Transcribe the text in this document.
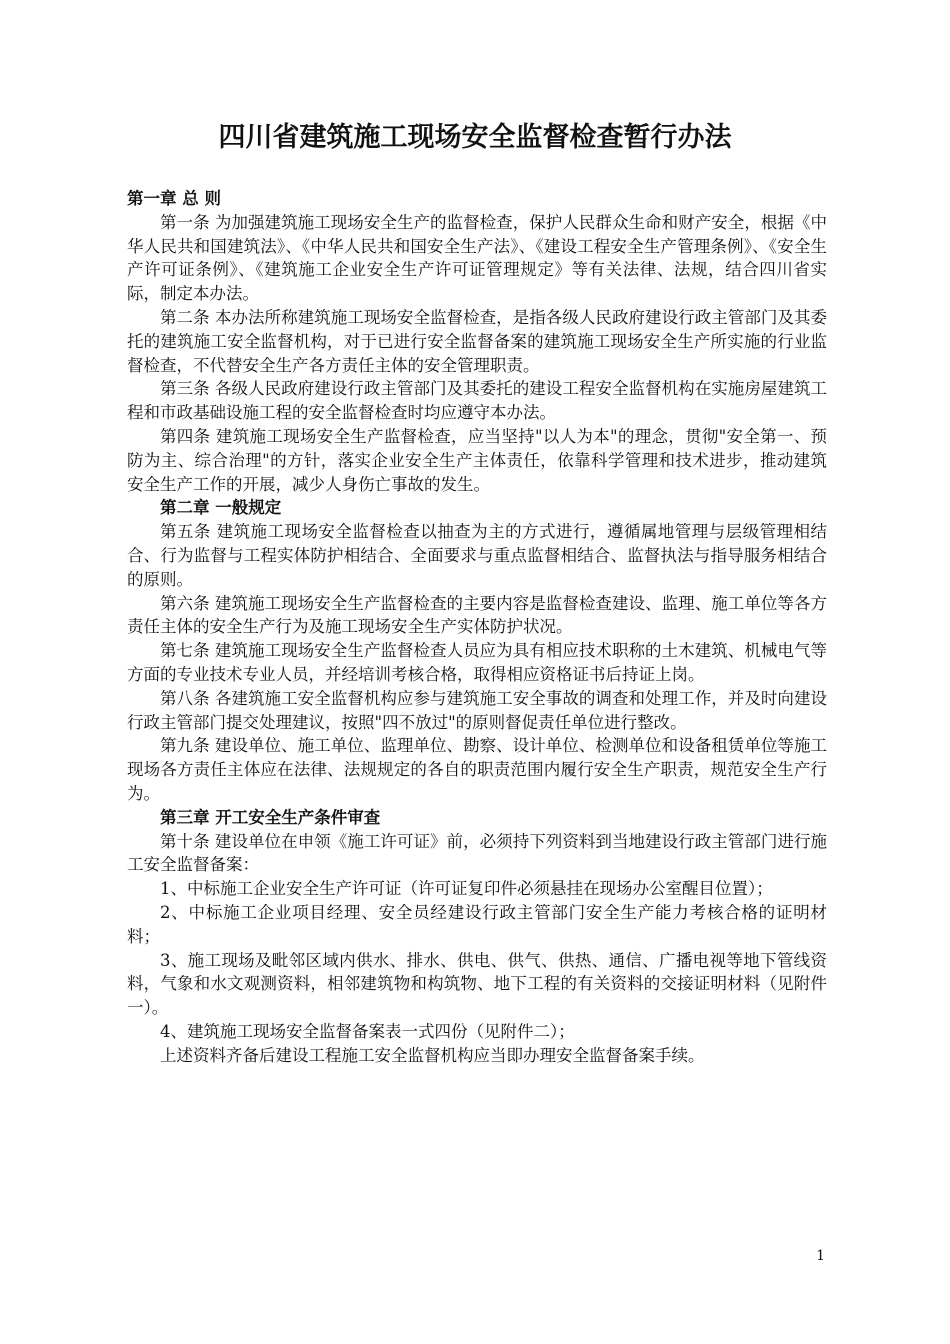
四川省建筑施工现场安全监督检查暂行办法

第一章 总 则

第一条 为加强建筑施工现场安全生产的监督检查，保护人民群众生命和财产安全，根据《中华人民共和国建筑法》、《中华人民共和国安全生产法》、《建设工程安全生产管理条例》、《安全生产许可证条例》、《建筑施工企业安全生产许可证管理规定》等有关法律、法规，结合四川省实际，制定本办法。

第二条 本办法所称建筑施工现场安全监督检查，是指各级人民政府建设行政主管部门及其委托的建筑施工安全监督机构，对于已进行安全监督备案的建筑施工现场安全生产所实施的行业监督检查，不代替安全生产各方责任主体的安全管理职责。

第三条 各级人民政府建设行政主管部门及其委托的建设工程安全监督机构在实施房屋建筑工程和市政基础设施工程的安全监督检查时均应遵守本办法。

第四条 建筑施工现场安全生产监督检查，应当坚持"以人为本"的理念，贯彻"安全第一、预防为主、综合治理"的方针，落实企业安全生产主体责任，依靠科学管理和技术进步，推动建筑安全生产工作的开展，减少人身伤亡事故的发生。

第二章 一般规定

第五条 建筑施工现场安全监督检查以抽查为主的方式进行，遵循属地管理与层级管理相结合、行为监督与工程实体防护相结合、全面要求与重点监督相结合、监督执法与指导服务相结合的原则。

第六条 建筑施工现场安全生产监督检查的主要内容是监督检查建设、监理、施工单位等各方责任主体的安全生产行为及施工现场安全生产实体防护状况。

第七条 建筑施工现场安全生产监督检查人员应为具有相应技术职称的土木建筑、机械电气等方面的专业技术专业人员，并经培训考核合格，取得相应资格证书后持证上岗。

第八条 各建筑施工安全监督机构应参与建筑施工安全事故的调查和处理工作，并及时向建设行政主管部门提交处理建议，按照"四不放过"的原则督促责任单位进行整改。

第九条 建设单位、施工单位、监理单位、勘察、设计单位、检测单位和设备租赁单位等施工现场各方责任主体应在法律、法规规定的各自的职责范围内履行安全生产职责，规范安全生产行为。

第三章 开工安全生产条件审查

第十条 建设单位在申领《施工许可证》前，必须持下列资料到当地建设行政主管部门进行施工安全监督备案：

1、中标施工企业安全生产许可证（许可证复印件必须悬挂在现场办公室醒目位置）；

2、中标施工企业项目经理、安全员经建设行政主管部门安全生产能力考核合格的证明材料；

3、施工现场及毗邻区域内供水、排水、供电、供气、供热、通信、广播电视等地下管线资料，气象和水文观测资料，相邻建筑物和构筑物、地下工程的有关资料的交接证明材料（见附件一）。

4、建筑施工现场安全监督备案表一式四份（见附件二）；

上述资料齐备后建设工程施工安全监督机构应当即办理安全监督备案手续。

1
